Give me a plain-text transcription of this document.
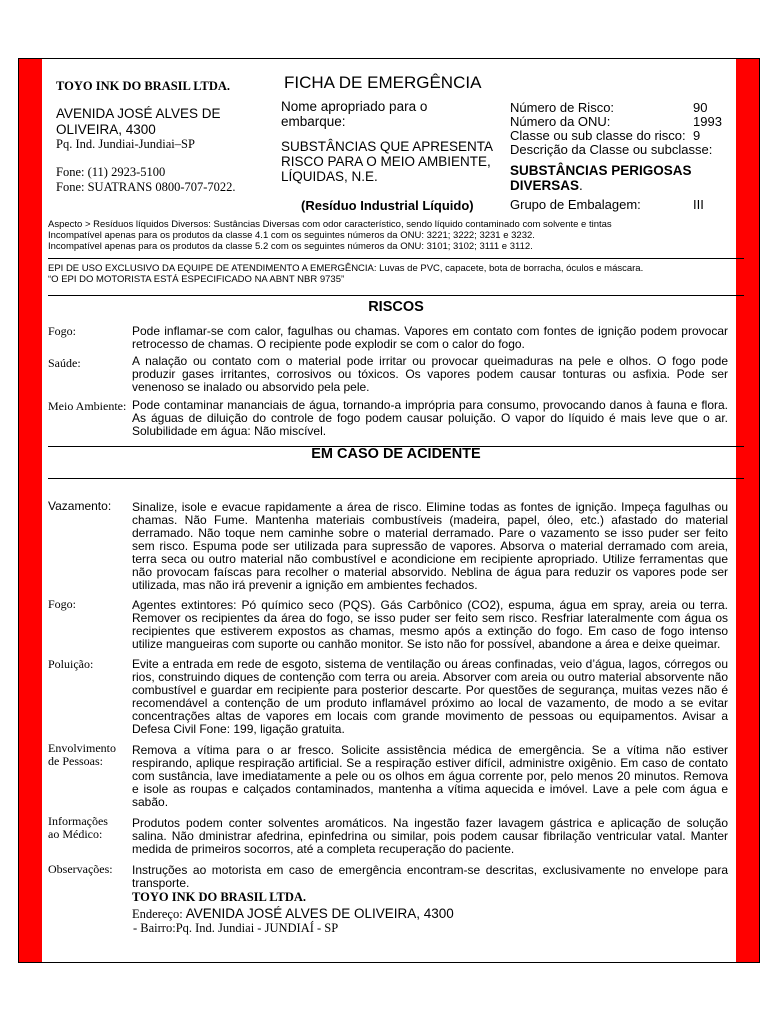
TOYO INK DO BRASIL LTDA.
AVENIDA JOSÉ ALVES DE
OLIVEIRA, 4300
Pq. Ind. Jundiai-Jundiai–SP
Fone: (11) 2923-5100
Fone: SUATRANS 0800-707-7022.
FICHA DE EMERGÊNCIA
Nome apropriado para o
embarque:
SUBSTÂNCIAS QUE APRESENTA
RISCO PARA O MEIO AMBIENTE,
LÍQUIDAS, N.E.
(Resíduo Industrial Líquido)
Número de Risco:	90
Número da ONU:	1993
Classe ou sub classe do risco: 9
Descrição da Classe ou subclasse:
SUBSTÂNCIAS PERIGOSAS
DIVERSAS.
Grupo de Embalagem:	III
Aspecto > Resíduos líquidos Diversos: Sustâncias Diversas com odor característico, sendo líquido contaminado com solvente e tintas
Incompatível apenas para os produtos da classe 4.1 com os seguintes números da ONU: 3221; 3222; 3231 e 3232.
Incompatível apenas para os produtos da classe 5.2 com os seguintes números da ONU: 3101; 3102; 3111 e 3112.
EPI DE USO EXCLUSIVO DA EQUIPE DE ATENDIMENTO A EMERGÊNCIA: Luvas de PVC, capacete, bota de borracha, óculos e máscara.
“O EPI DO MOTORISTA ESTÁ ESPECIFICADO NA ABNT NBR 9735”
RISCOS
Fogo:	Pode inflamar-se com calor, fagulhas ou chamas. Vapores em contato com fontes de ignição podem provocar retrocesso de chamas. O recipiente pode explodir se com o calor do fogo.
Saúde:	A nalação ou contato com o material pode irritar ou provocar queimaduras na pele e olhos. O fogo pode produzir gases irritantes, corrosivos ou tóxicos. Os vapores podem causar tonturas ou asfixia. Pode ser venenoso se inalado ou absorvido pela pele.
Meio Ambiente: Pode contaminar mananciais de água, tornando-a imprópria para consumo, provocando danos à fauna e flora. As águas de diluição do controle de fogo podem causar poluição. O vapor do líquido é mais leve que o ar. Solubilidade em água: Não miscível.
EM CASO DE ACIDENTE
Vazamento:	Sinalize, isole e evacue rapidamente a área de risco. Elimine todas as fontes de ignição. Impeça fagulhas ou chamas. Não Fume. Mantenha materiais combustíveis (madeira, papel, óleo, etc.) afastado do material derramado. Não toque nem caminhe sobre o material derramado. Pare o vazamento se isso puder ser feito sem risco. Espuma pode ser utilizada para supressão de vapores. Absorva o material derramado com areia, terra seca ou outro material não combustível e acondicione em recipiente apropriado. Utilize ferramentas que não provocam faíscas para recolher o material absorvido. Neblina de água para reduzir os vapores pode ser utilizada, mas não irá prevenir a ignição em ambientes fechados.
Fogo:	Agentes extintores: Pó químico seco (PQS). Gás Carbônico (CO2), espuma, água em spray, areia ou terra. Remover os recipientes da área do fogo, se isso puder ser feito sem risco. Resfriar lateralmente com água os recipientes que estiverem expostos as chamas, mesmo após a extinção do fogo. Em caso de fogo intenso utilize mangueiras com suporte ou canhão monitor. Se isto não for possível, abandone a área e deixe queimar.
Poluição:	Evite a entrada em rede de esgoto, sistema de ventilação ou áreas confinadas, veio d’água, lagos, córregos ou rios, construindo diques de contenção com terra ou areia. Absorver com areia ou outro material absorvente não combustível e guardar em recipiente para posterior descarte. Por questões de segurança, muitas vezes não é recomendável a contenção de um produto inflamável próximo ao local de vazamento, de modo a se evitar concentrações altas de vapores em locais com grande movimento de pessoas ou equipamentos. Avisar a Defesa Civil Fone: 199, ligação gratuita.
Envolvimento
de Pessoas:
Remova a vítima para o ar fresco. Solicite assistência médica de emergência. Se a vítima não estiver respirando, aplique respiração artificial. Se a respiração estiver difícil, administre oxigênio. Em caso de contato com sustância, lave imediatamente a pele ou os olhos em água corrente por, pelo menos 20 minutos. Remova e isole as roupas e calçados contaminados, mantenha a vítima aquecida e imóvel. Lave a pele com água e sabão.
Informações
ao Médico:
Produtos podem conter solventes aromáticos. Na ingestão fazer lavagem gástrica e aplicação de solução salina. Não dministrar afedrina, epinfedrina ou similar, pois podem causar fibrilação ventricular vatal. Manter medida de primeiros socorros, até a completa recuperação do paciente.
Observações:	Instruções ao motorista em caso de emergência encontram-se descritas, exclusivamente no envelope para transporte.
TOYO INK DO BRASIL LTDA.
Endereço: AVENIDA JOSÉ ALVES DE OLIVEIRA, 4300
- Bairro:Pq. Ind. Jundiai - JUNDIAÍ - SP
